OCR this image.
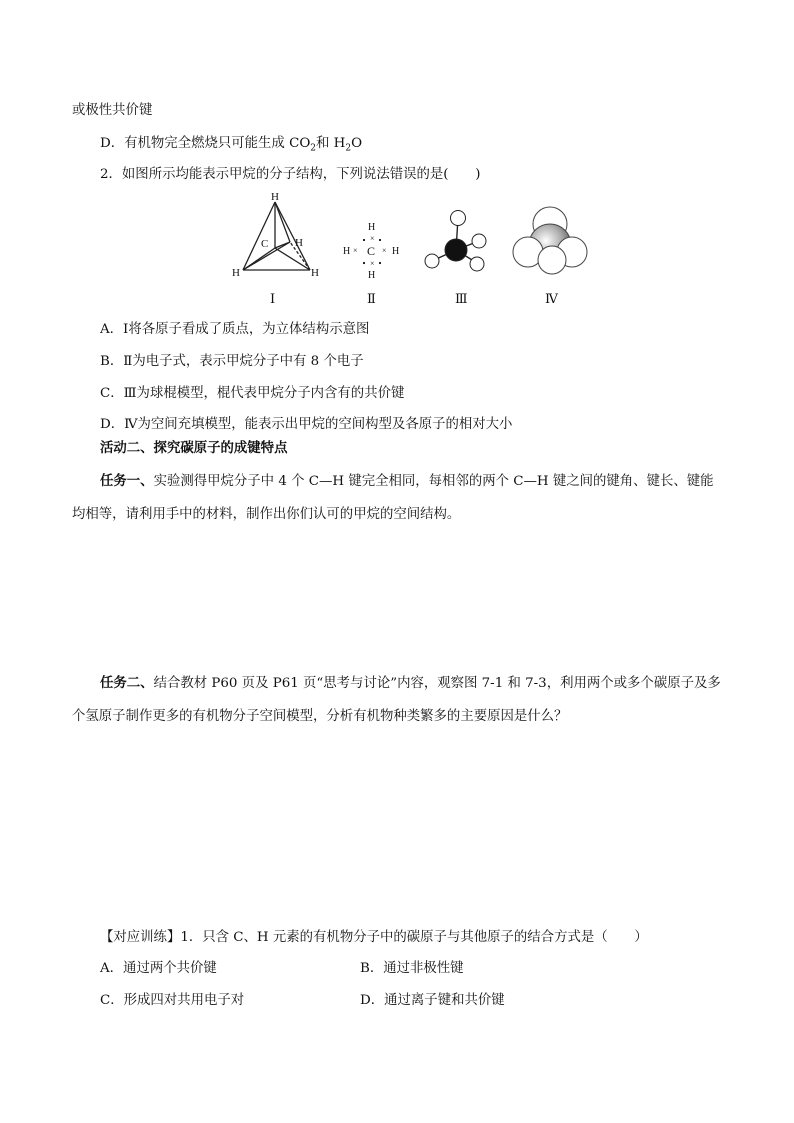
或极性共价键
D．有机物完全燃烧只可能生成 $CO_2$和 $H_2O$
2．如图所示均能表示甲烷的分子结构，下列说法错误的是(　　)
H
C H
H	H
H
×
H × C × H
×
H
Ⅰ	Ⅱ	Ⅲ	Ⅳ
A．Ⅰ将各原子看成了质点，为立体结构示意图
B．Ⅱ为电子式，表示甲烷分子中有 8 个电子
C．Ⅲ为球棍模型，棍代表甲烷分子内含有的共价键
D．Ⅳ为空间充填模型，能表示出甲烷的空间构型及各原子的相对大小
活动二、探究碳原子的成键特点
任务一、实验测得甲烷分子中 4 个 C—H 键完全相同，每相邻的两个 C—H 键之间的键角、键长、键能均相等，请利用手中的材料，制作出你们认可的甲烷的空间结构。
任务二、结合教材 P60 页及 P61 页“思考与讨论”内容，观察图 7-1 和 7-3，利用两个或多个碳原子及多个氢原子制作更多的有机物分子空间模型，分析有机物种类繁多的主要原因是什么？
【对应训练】1．只含 C、H 元素的有机物分子中的碳原子与其他原子的结合方式是（　　）
A．通过两个共价键	B．通过非极性键
C．形成四对共用电子对	D．通过离子键和共价键
